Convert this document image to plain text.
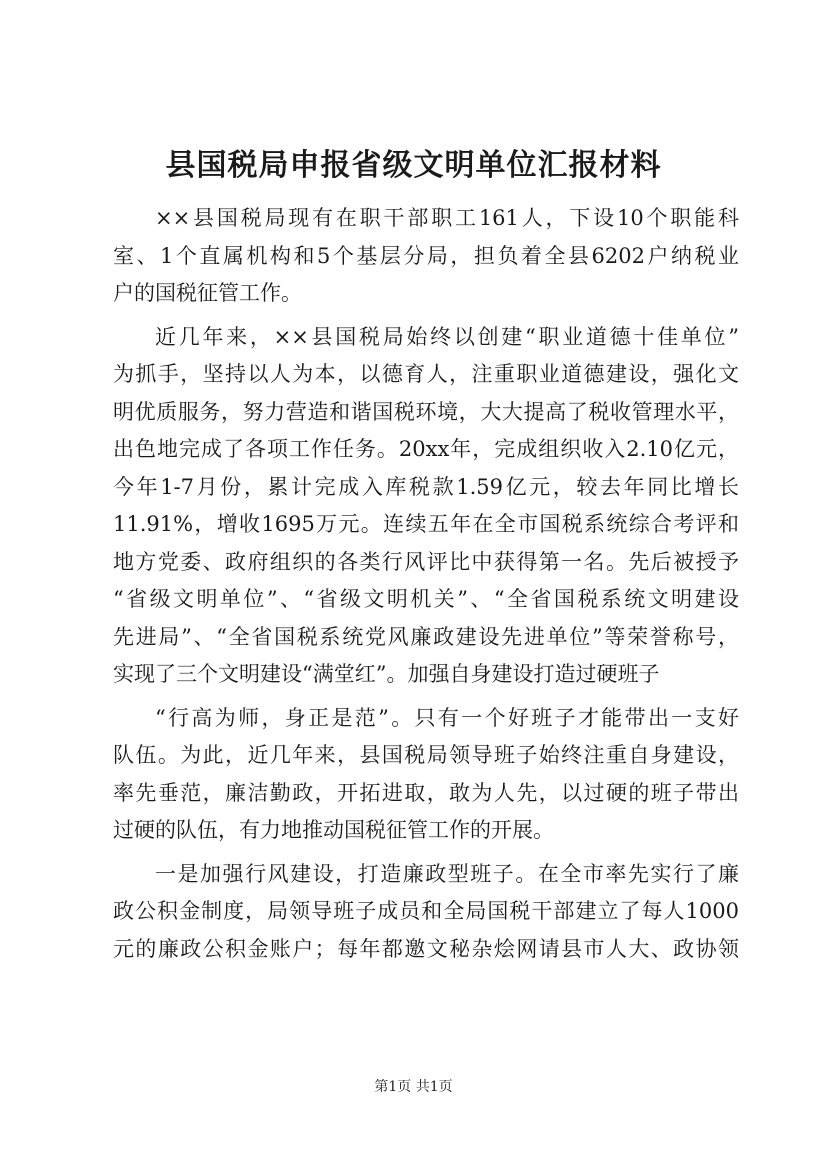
县国税局申报省级文明单位汇报材料
××县国税局现有在职干部职工161人，下设10个职能科
室、1个直属机构和5个基层分局，担负着全县6202户纳税业
户的国税征管工作。
近几年来，××县国税局始终以创建“职业道德十佳单位”
为抓手，坚持以人为本，以德育人，注重职业道德建设，强化文
明优质服务，努力营造和谐国税环境，大大提高了税收管理水平，
出色地完成了各项工作任务。20xx年，完成组织收入2.10亿元，
今年1-7月份，累计完成入库税款1.59亿元，较去年同比增长
11.91%，增收1695万元。连续五年在全市国税系统综合考评和
地方党委、政府组织的各类行风评比中获得第一名。先后被授予
“省级文明单位”、“省级文明机关”、“全省国税系统文明建设
先进局”、“全省国税系统党风廉政建设先进单位”等荣誉称号，
实现了三个文明建设“满堂红”。加强自身建设打造过硬班子
“行高为师，身正是范”。只有一个好班子才能带出一支好
队伍。为此，近几年来，县国税局领导班子始终注重自身建设，
率先垂范，廉洁勤政，开拓进取，敢为人先，以过硬的班子带出
过硬的队伍，有力地推动国税征管工作的开展。
一是加强行风建设，打造廉政型班子。在全市率先实行了廉
政公积金制度，局领导班子成员和全局国税干部建立了每人1000
元的廉政公积金账户；每年都邀文秘杂烩网请县市人大、政协领
第1页 共1页
